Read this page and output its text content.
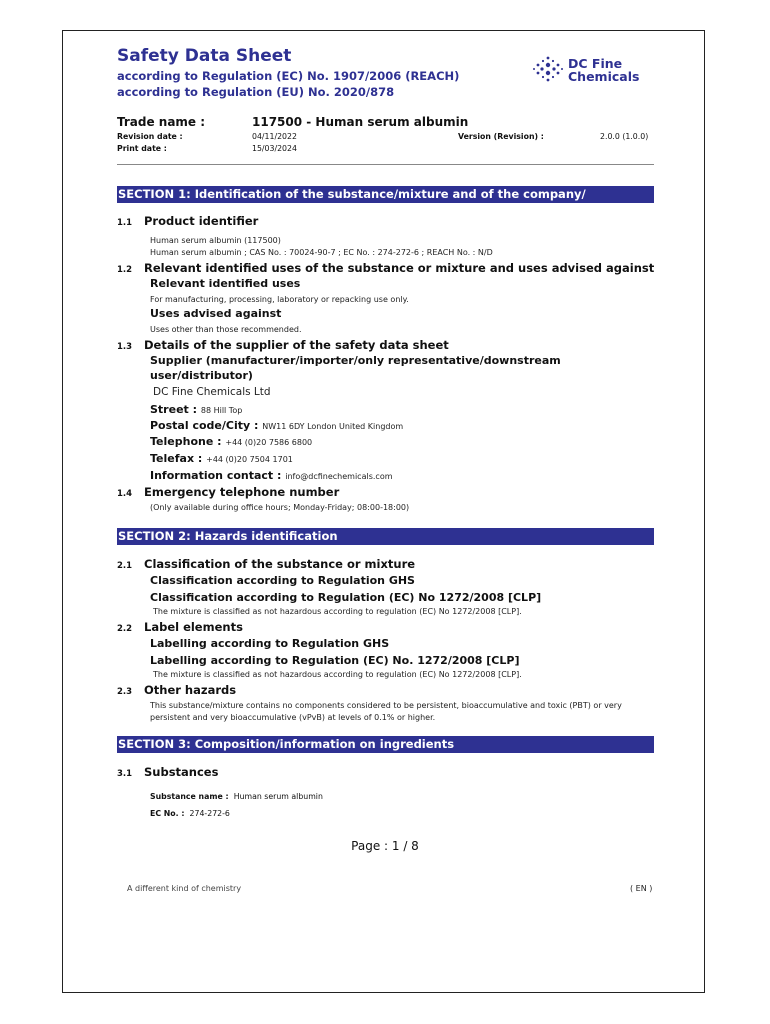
Safety Data Sheet
according to Regulation (EC) No. 1907/2006 (REACH)
according to Regulation (EU) No. 2020/878
DC Fine
Chemicals
Trade name :	117500 - Human serum albumin
Revision date :	04/11/2022
Print date :	15/03/2024
Version (Revision) :	2.0.0 (1.0.0)
SECTION 1: Identification of the substance/mixture and of the company/ undertaking
1.1 Product identifier
Human serum albumin (117500)
Human serum albumin ; CAS No. : 70024-90-7 ; EC No. : 274-272-6 ; REACH No. : N/D
1.2 Relevant identified uses of the substance or mixture and uses advised against
Relevant identified uses
For manufacturing, processing, laboratory or repacking use only.
Uses advised against
Uses other than those recommended.
1.3 Details of the supplier of the safety data sheet
Supplier (manufacturer/importer/only representative/downstream
user/distributor)
DC Fine Chemicals Ltd
Street : 88 Hill Top
Postal code/City : NW11 6DY London United Kingdom
Telephone : +44 (0)20 7586 6800
Telefax : +44 (0)20 7504 1701
Information contact : info@dcfinechemicals.com
1.4 Emergency telephone number
(Only available during office hours; Monday-Friday; 08:00-18:00)
SECTION 2: Hazards identification
2.1 Classification of the substance or mixture
Classification according to Regulation GHS
Classification according to Regulation (EC) No 1272/2008 [CLP]
The mixture is classified as not hazardous according to regulation (EC) No 1272/2008 [CLP].
2.2 Label elements
Labelling according to Regulation GHS
Labelling according to Regulation (EC) No. 1272/2008 [CLP]
The mixture is classified as not hazardous according to regulation (EC) No 1272/2008 [CLP].
2.3 Other hazards
This substance/mixture contains no components considered to be persistent, bioaccumulative and toxic (PBT) or very
persistent and very bioaccumulative (vPvB) at levels of 0.1% or higher.
SECTION 3: Composition/information on ingredients
3.1 Substances
Substance name : Human serum albumin
EC No. : 274-272-6
Page : 1 / 8
A different kind of chemistry	( EN )
